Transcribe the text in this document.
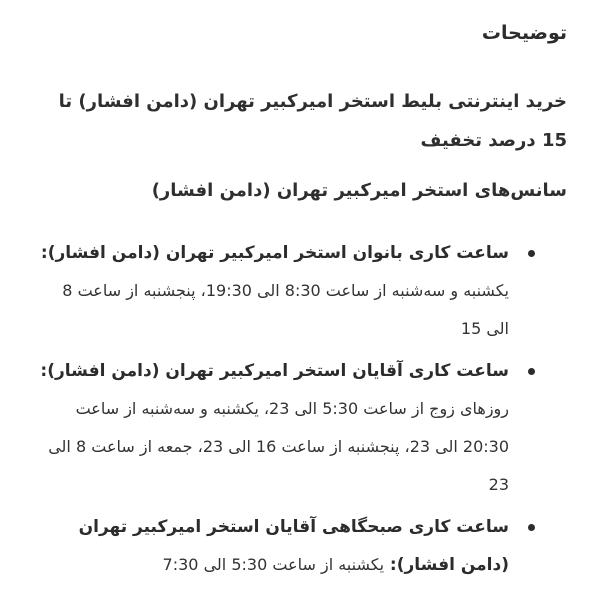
توضیحات

خرید اینترنتی بلیط استخر امیرکبیر تهران (دامن افشار) تا 15 درصد تخفیف

سانس‌های استخر امیرکبیر تهران (دامن افشار)
ساعت کاری بانوان استخر امیرکبیر تهران (دامن افشار): یکشنبه و سه‌شنبه از ساعت 8:30 الی 19:30، پنجشنبه از ساعت 8 الی 15
ساعت کاری آقایان استخر امیرکبیر تهران (دامن افشار): روزهای زوج از ساعت 5:30 الی 23، یکشنبه و سه‌شنبه از ساعت 20:30 الی 23، پنجشنبه از ساعت 16 الی 23، جمعه از ساعت 8 الی 23
ساعت کاری صبحگاهی آقایان استخر امیرکبیر تهران (دامن افشار): یکشنبه از ساعت 5:30 الی 7:30
